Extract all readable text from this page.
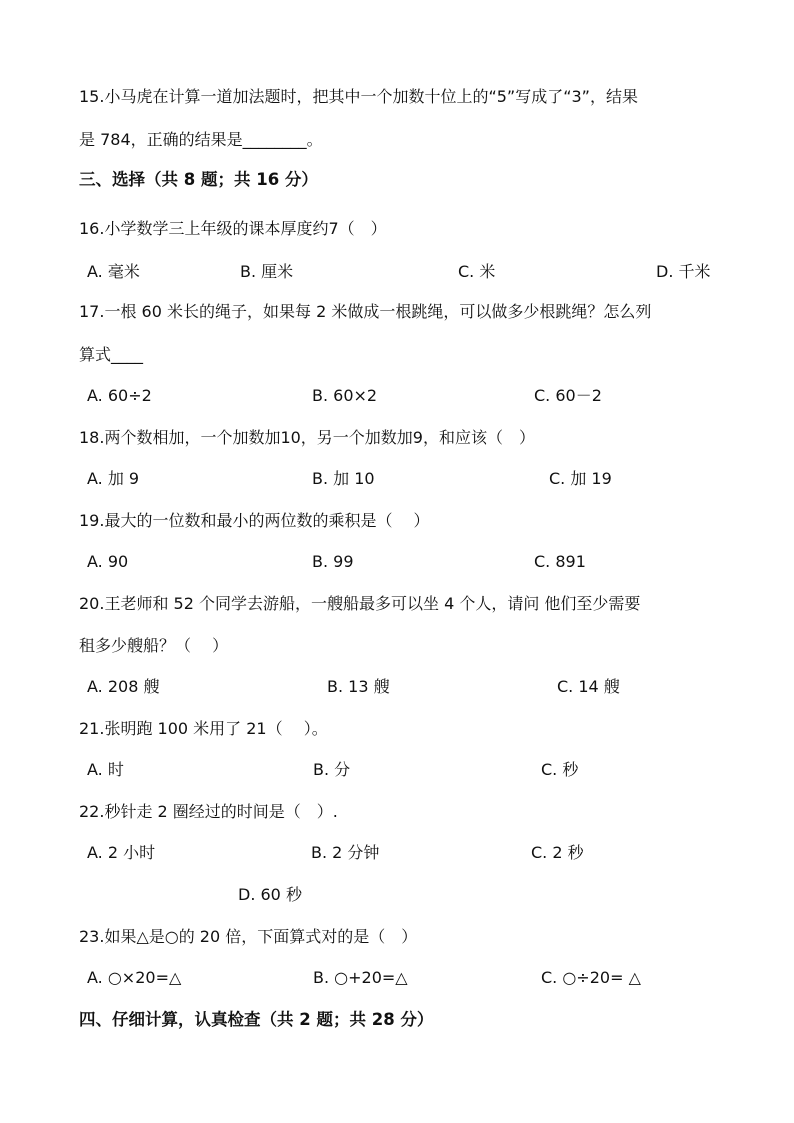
15.小马虎在计算一道加法题时，把其中一个加数十位上的“5”写成了“3”，结果
是 784，正确的结果是________。
三、选择（共 8 题；共 16 分）
16.小学数学三上年级的课本厚度约7（　）
A. 毫米	B. 厘米	C. 米	D. 千米
17.一根 60 米长的绳子，如果每 2 米做成一根跳绳，可以做多少根跳绳？怎么列
算式____
A. 60÷2	B. 60×2	C. 60－2
18.两个数相加，一个加数加10，另一个加数加9，和应该（　）
A. 加 9	B. 加 10	C. 加 19
19.最大的一位数和最小的两位数的乘积是（　 ）
A. 90	B. 99	C. 891
20.王老师和 52 个同学去游船，一艘船最多可以坐 4 个人，请问 他们至少需要
租多少艘船？（　 ）
A. 208 艘	B. 13 艘	C. 14 艘
21.张明跑 100 米用了 21（　 ）。
A. 时	B. 分	C. 秒
22.秒针走 2 圈经过的时间是（　）.
A. 2 小时	B. 2 分钟	C. 2 秒
D. 60 秒
23.如果△是○的 20 倍，下面算式对的是（　）
A. ○×20=△	B. ○+20=△	C. ○÷20= △
四、仔细计算，认真检查（共 2 题；共 28 分）
